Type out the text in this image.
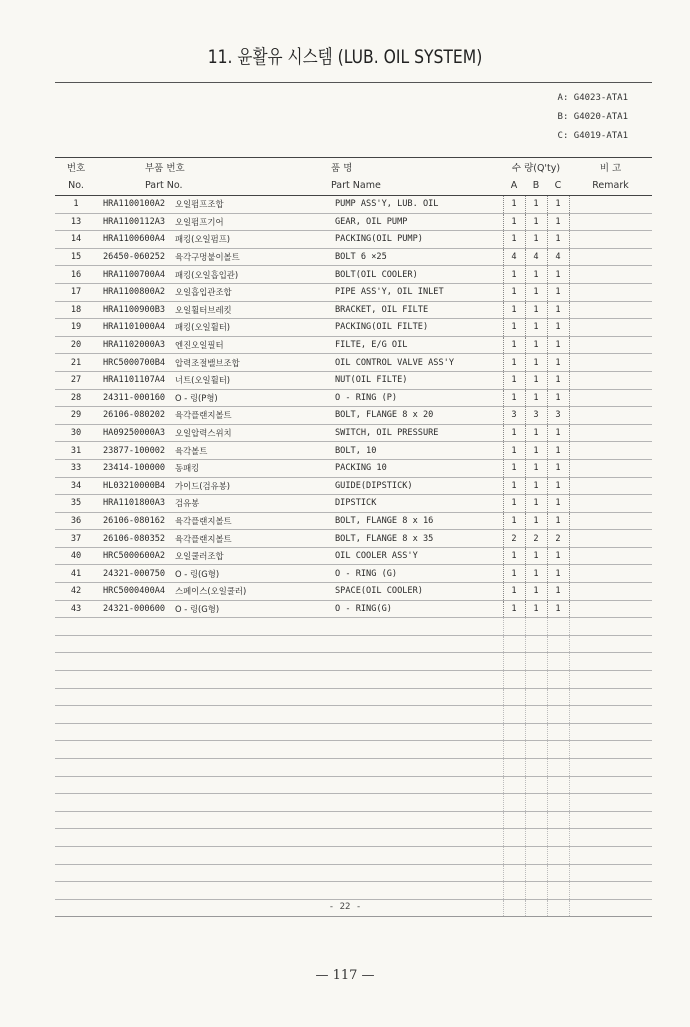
11. 윤활유 시스템 (LUB. OIL SYSTEM)
A: G4023-ATA1
B: G4020-ATA1
C: G4019-ATA1
번호	부품 번호		품 명	수 량(Q'ty)			비 고
No.	Part No.		Part Name	A	B	C	Remark
1	HRA1100100A2	오일펌프조합	PUMP ASS'Y, LUB. OIL	1	1	1	
13	HRA1100112A3	오일펌프기어	GEAR, OIL PUMP	1	1	1	
14	HRA1100600A4	패킹(오일펌프)	PACKING(OIL PUMP)	1	1	1	
15	26450-060252	육각구멍붙이볼트	BOLT 6 ×25	4	4	4	
16	HRA1100700A4	패킹(오일흡입관)	BOLT(OIL COOLER)	1	1	1	
17	HRA1100800A2	오일흡입관조합	PIPE ASS'Y, OIL INLET	1	1	1	
18	HRA1100900B3	오일휠터브레킷	BRACKET, OIL FILTE	1	1	1	
19	HRA1101000A4	패킹(오일휠터)	PACKING(OIL FILTE)	1	1	1	
20	HRA1102000A3	엔진오일필터	FILTE, E/G OIL	1	1	1	
21	HRC5000700B4	압력조절밸브조합	OIL CONTROL VALVE ASS'Y	1	1	1	
27	HRA1101107A4	너트(오일휠터)	NUT(OIL FILTE)	1	1	1	
28	24311-000160	O - 링(P형)	O - RING (P)	1	1	1	
29	26106-080202	육각플랜지볼트	BOLT, FLANGE 8 x 20	3	3	3	
30	HA09250000A3	오일압력스위치	SWITCH, OIL PRESSURE	1	1	1	
31	23877-100002	육각볼트	BOLT, 10	1	1	1	
33	23414-100000	동패킹	PACKING 10	1	1	1	
34	HL03210000B4	가이드(검유봉)	GUIDE(DIPSTICK)	1	1	1	
35	HRA1101800A3	검유봉	DIPSTICK	1	1	1	
36	26106-080162	육각플랜지볼트	BOLT, FLANGE 8 x 16	1	1	1	
37	26106-080352	육각플랜지볼트	BOLT, FLANGE 8 x 35	2	2	2	
40	HRC5000600A2	오일쿨러조합	OIL COOLER ASS'Y	1	1	1	
41	24321-000750	O - 링(G형)	O - RING (G)	1	1	1	
42	HRC5000400A4	스페이스(오일쿨러)	SPACE(OIL COOLER)	1	1	1	
43	24321-000600	O - 링(G형)	O - RING(G)	1	1	1	

- 22 -
— 117 —
